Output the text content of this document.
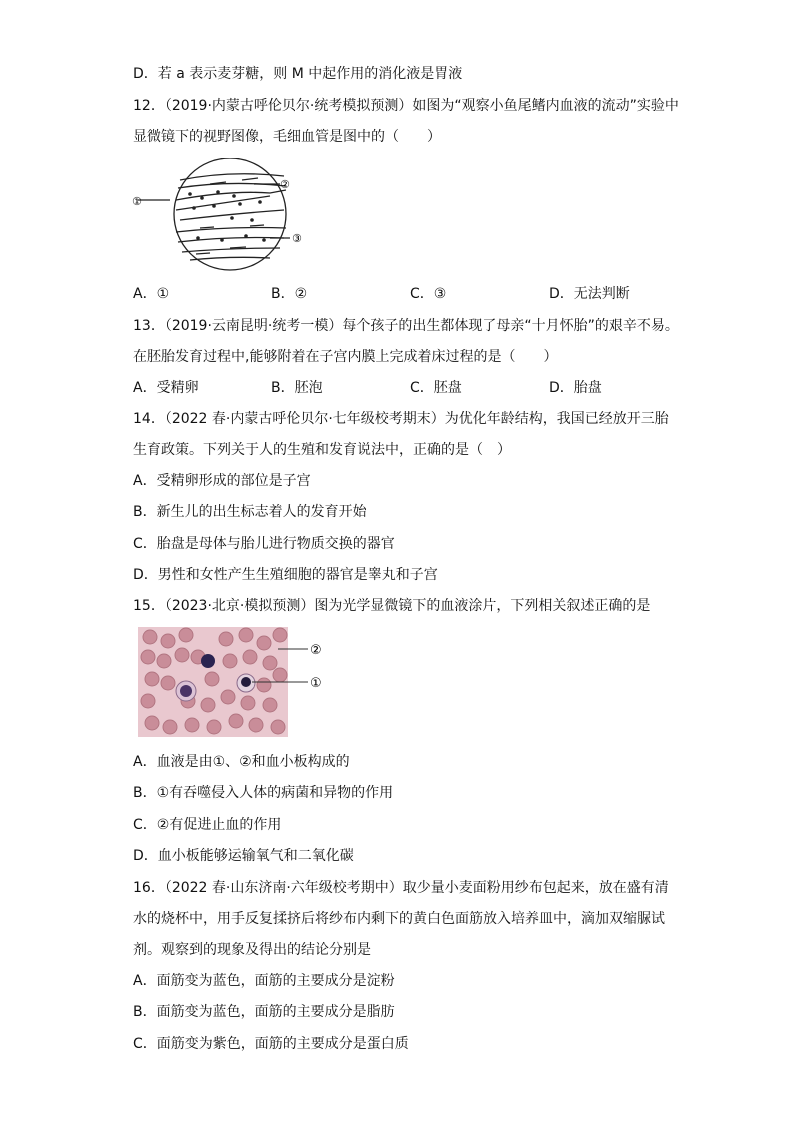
D．若 a 表示麦芽糖，则 M 中起作用的消化液是胃液
12．（2019·内蒙古呼伦贝尔·统考模拟预测）如图为“观察小鱼尾鳍内血液的流动”实验中
显微镜下的视野图像，毛细血管是图中的（　　）
①
②
③
A．①	B．②	C．③	D．无法判断
13．（2019·云南昆明·统考一模）每个孩子的出生都体现了母亲“十月怀胎”的艰辛不易。
在胚胎发育过程中,能够附着在子宫内膜上完成着床过程的是（　　）
A．受精卵	B．胚泡	C．胚盘	D．胎盘
14．（2022 春·内蒙古呼伦贝尔·七年级校考期末）为优化年龄结构，我国已经放开三胎
生育政策。下列关于人的生殖和发育说法中，正确的是（　）
A．受精卵形成的部位是子宫
B．新生儿的出生标志着人的发育开始
C．胎盘是母体与胎儿进行物质交换的器官
D．男性和女性产生生殖细胞的器官是睾丸和子宫
15．（2023·北京·模拟预测）图为光学显微镜下的血液涂片，下列相关叙述正确的是
②
①
A．血液是由①、②和血小板构成的
B．①有吞噬侵入人体的病菌和异物的作用
C．②有促进止血的作用
D．血小板能够运输氧气和二氧化碳
16．（2022 春·山东济南·六年级校考期中）取少量小麦面粉用纱布包起来，放在盛有清
水的烧杯中，用手反复揉挤后将纱布内剩下的黄白色面筋放入培养皿中，滴加双缩脲试
剂。观察到的现象及得出的结论分别是
A．面筋变为蓝色，面筋的主要成分是淀粉
B．面筋变为蓝色，面筋的主要成分是脂肪
C．面筋变为紫色，面筋的主要成分是蛋白质
